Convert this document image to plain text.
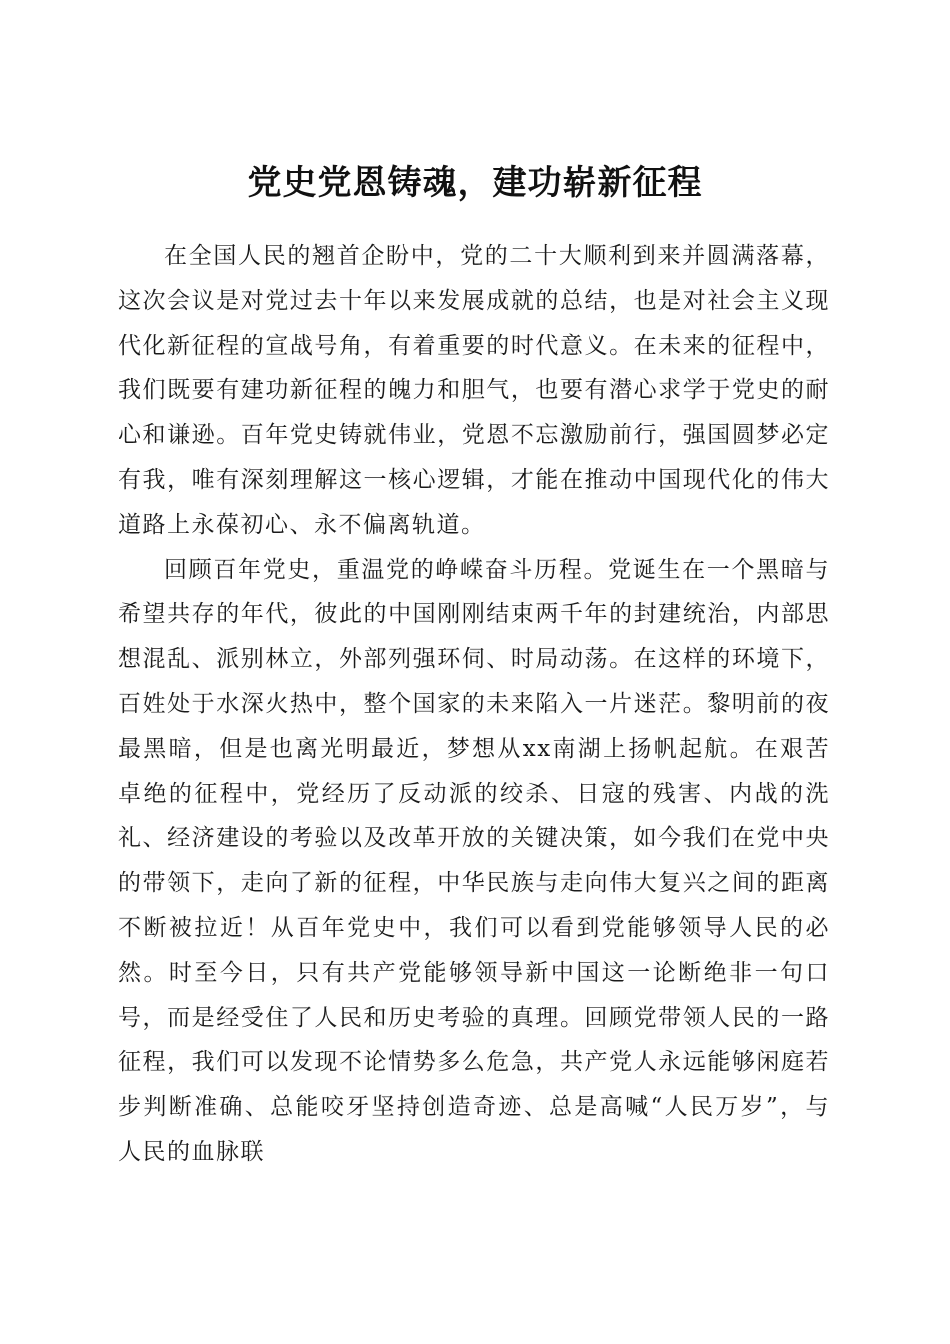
党史党恩铸魂，建功崭新征程

在全国人民的翘首企盼中，党的二十大顺利到来并圆满落幕，这次会议是对党过去十年以来发展成就的总结，也是对社会主义现代化新征程的宣战号角，有着重要的时代意义。在未来的征程中，我们既要有建功新征程的魄力和胆气，也要有潜心求学于党史的耐心和谦逊。百年党史铸就伟业，党恩不忘激励前行，强国圆梦必定有我，唯有深刻理解这一核心逻辑，才能在推动中国现代化的伟大道路上永葆初心、永不偏离轨道。

回顾百年党史，重温党的峥嵘奋斗历程。党诞生在一个黑暗与希望共存的年代，彼此的中国刚刚结束两千年的封建统治，内部思想混乱、派别林立，外部列强环伺、时局动荡。在这样的环境下，百姓处于水深火热中，整个国家的未来陷入一片迷茫。黎明前的夜最黑暗，但是也离光明最近，梦想从xx南湖上扬帆起航。在艰苦卓绝的征程中，党经历了反动派的绞杀、日寇的残害、内战的洗礼、经济建设的考验以及改革开放的关键决策，如今我们在党中央的带领下，走向了新的征程，中华民族与走向伟大复兴之间的距离不断被拉近！从百年党史中，我们可以看到党能够领导人民的必然。时至今日，只有共产党能够领导新中国这一论断绝非一句口号，而是经受住了人民和历史考验的真理。回顾党带领人民的一路征程，我们可以发现不论情势多么危急，共产党人永远能够闲庭若步判断准确、总能咬牙坚持创造奇迹、总是高喊“人民万岁”，与人民的血脉联
